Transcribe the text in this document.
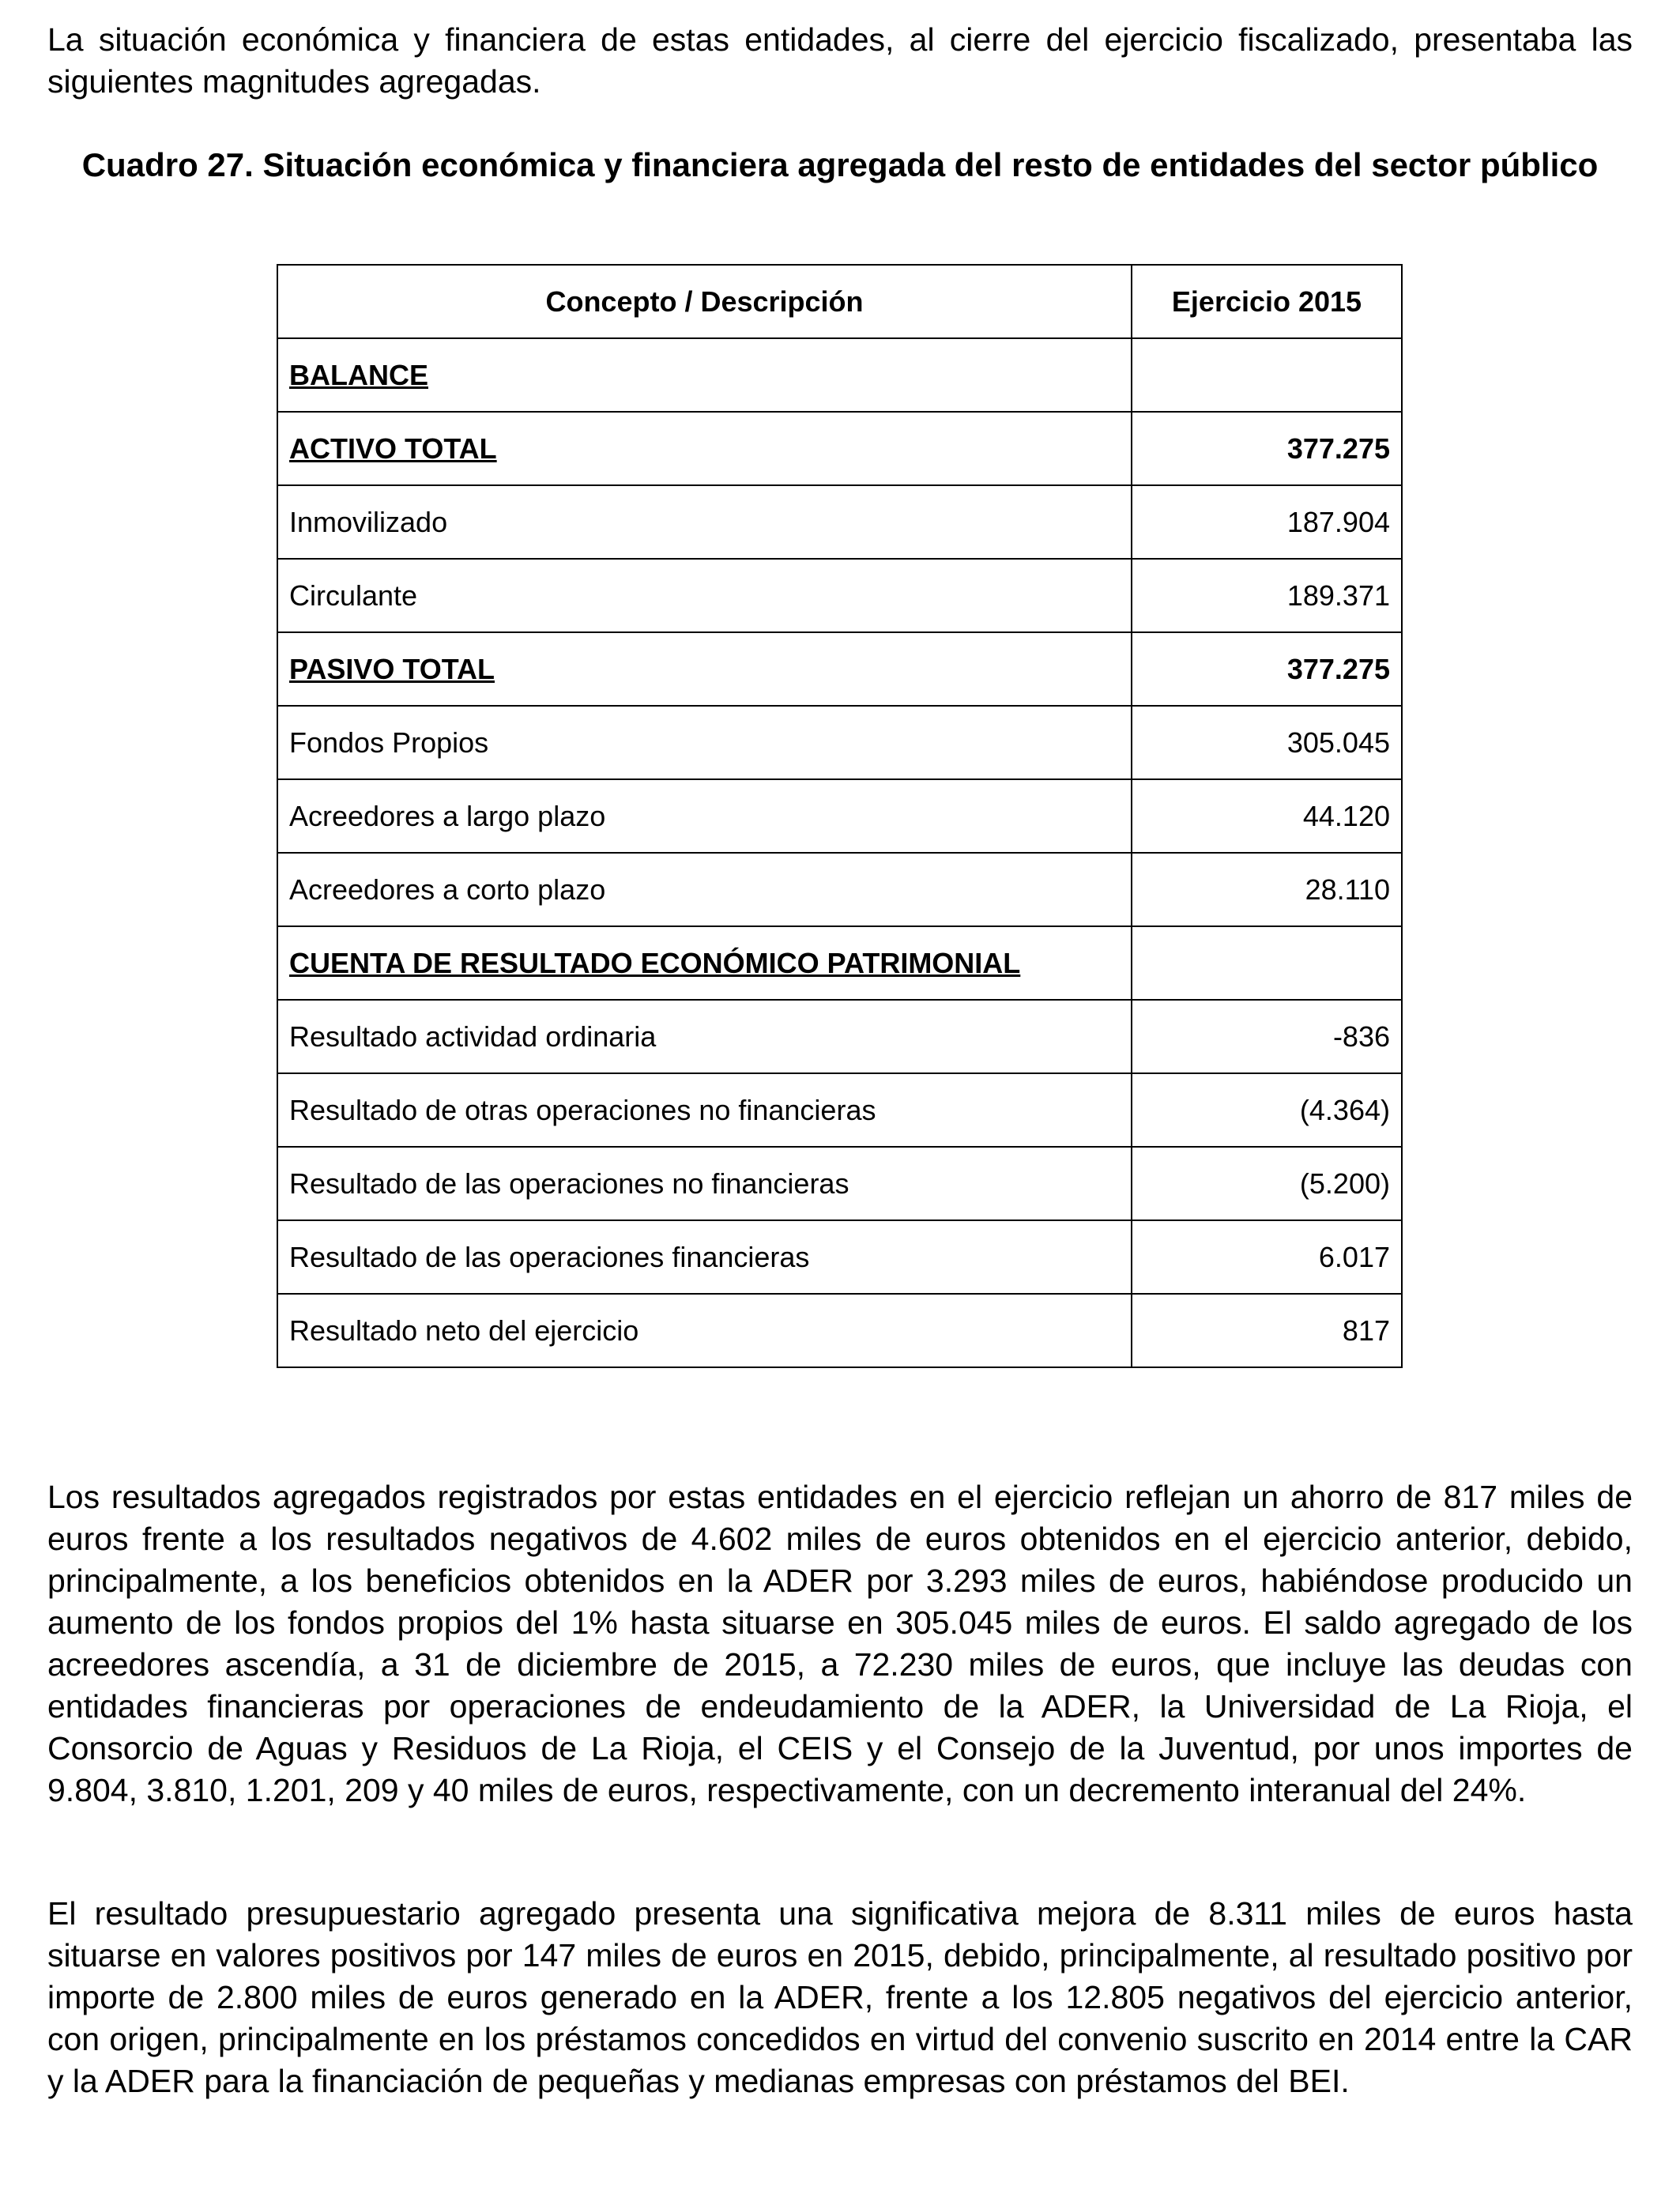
La situación económica y financiera de estas entidades, al cierre del ejercicio fiscalizado, presentaba las siguientes magnitudes agregadas.

Cuadro 27. Situación económica y financiera agregada del resto de entidades del sector público

Concepto / Descripción	Ejercicio 2015
BALANCE	
ACTIVO TOTAL	377.275
Inmovilizado	187.904
Circulante	189.371
PASIVO TOTAL	377.275
Fondos Propios	305.045
Acreedores a largo plazo	44.120
Acreedores a corto plazo	28.110
CUENTA DE RESULTADO ECONÓMICO PATRIMONIAL	
Resultado actividad ordinaria	-836
Resultado de otras operaciones no financieras	(4.364)
Resultado de las operaciones no financieras	(5.200)
Resultado de las operaciones financieras	6.017
Resultado neto del ejercicio	817

Los resultados agregados registrados por estas entidades en el ejercicio reflejan un ahorro de 817 miles de euros frente a los resultados negativos de 4.602 miles de euros obtenidos en el ejercicio anterior, debido, principalmente, a los beneficios obtenidos en la ADER por 3.293 miles de euros, habiéndose producido un aumento de los fondos propios del 1% hasta situarse en 305.045 miles de euros. El saldo agregado de los acreedores ascendía, a 31 de diciembre de 2015, a 72.230 miles de euros, que incluye las deudas con entidades financieras por operaciones de endeudamiento de la ADER, la Universidad de La Rioja, el Consorcio de Aguas y Residuos de La Rioja, el CEIS y el Consejo de la Juventud, por unos importes de 9.804, 3.810, 1.201, 209 y 40 miles de euros, respectivamente, con un decremento interanual del 24%.

El resultado presupuestario agregado presenta una significativa mejora de 8.311 miles de euros hasta situarse en valores positivos por 147 miles de euros en 2015, debido, principalmente, al resultado positivo por importe de 2.800 miles de euros generado en la ADER, frente a los 12.805 negativos del ejercicio anterior, con origen, principalmente en los préstamos concedidos en virtud del convenio suscrito en 2014 entre la CAR y la ADER para la financiación de pequeñas y medianas empresas con préstamos del BEI.
